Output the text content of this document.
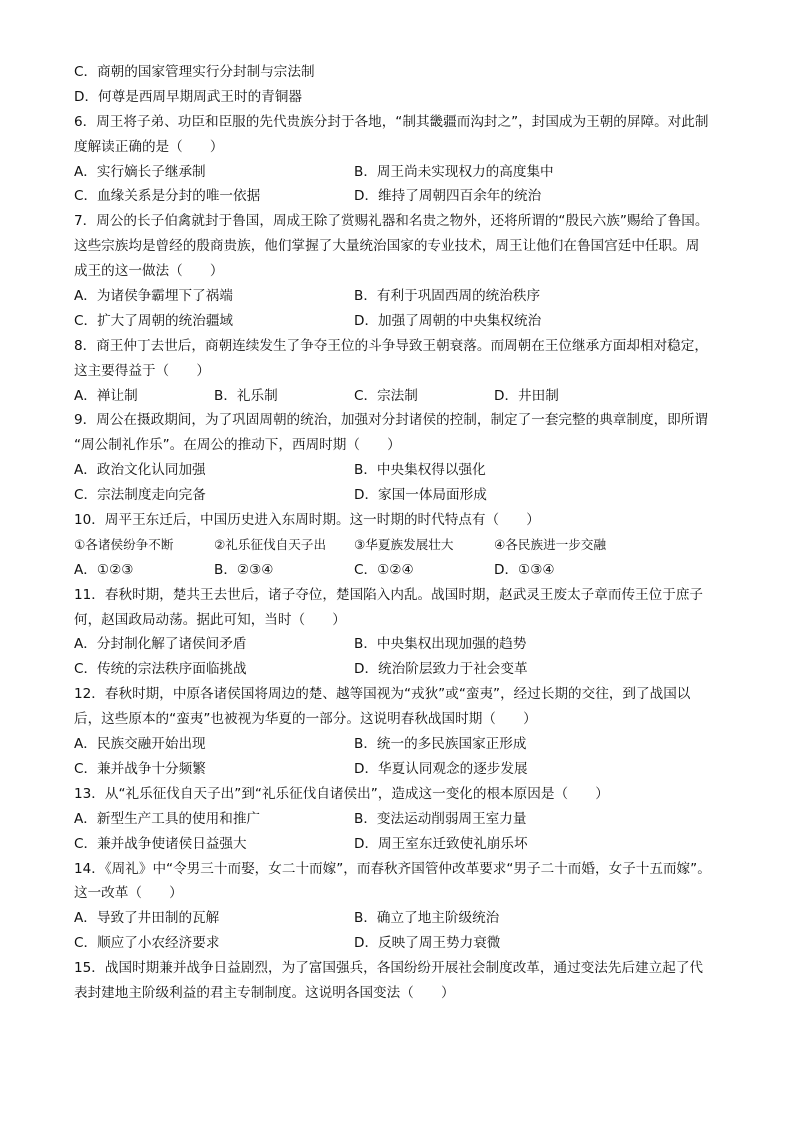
C．商朝的国家管理实行分封制与宗法制
D．何尊是西周早期周武王时的青铜器
6．周王将子弟、功臣和臣服的先代贵族分封于各地，“制其畿疆而沟封之”，封国成为王朝的屏障。对此制
度解读正确的是（　　）
A．实行嫡长子继承制	B．周王尚未实现权力的高度集中
C．血缘关系是分封的唯一依据	D．维持了周朝四百余年的统治
7．周公的长子伯禽就封于鲁国，周成王除了赏赐礼器和名贵之物外，还将所谓的“殷民六族”赐给了鲁国。
这些宗族均是曾经的殷商贵族，他们掌握了大量统治国家的专业技术，周王让他们在鲁国宫廷中任职。周
成王的这一做法（　　）
A．为诸侯争霸埋下了祸端	B．有利于巩固西周的统治秩序
C．扩大了周朝的统治疆域	D．加强了周朝的中央集权统治
8．商王仲丁去世后，商朝连续发生了争夺王位的斗争导致王朝衰落。而周朝在王位继承方面却相对稳定，
这主要得益于（　　）
A．禅让制	B．礼乐制	C．宗法制	D．井田制
9．周公在摄政期间，为了巩固周朝的统治，加强对分封诸侯的控制，制定了一套完整的典章制度，即所谓
“周公制礼作乐”。在周公的推动下，西周时期（　　）
A．政治文化认同加强	B．中央集权得以强化
C．宗法制度走向完备	D．家国一体局面形成
10．周平王东迁后，中国历史进入东周时期。这一时期的时代特点有（　　）
①各诸侯纷争不断	②礼乐征伐自天子出	③华夏族发展壮大	④各民族进一步交融
A．①②③	B．②③④	C．①②④	D．①③④
11．春秋时期，楚共王去世后，诸子夺位，楚国陷入内乱。战国时期，赵武灵王废太子章而传王位于庶子
何，赵国政局动荡。据此可知，当时（　　）
A．分封制化解了诸侯间矛盾	B．中央集权出现加强的趋势
C．传统的宗法秩序面临挑战	D．统治阶层致力于社会变革
12．春秋时期，中原各诸侯国将周边的楚、越等国视为“戎狄”或“蛮夷”，经过长期的交往，到了战国以
后，这些原本的“蛮夷”也被视为华夏的一部分。这说明春秋战国时期（　　）
A．民族交融开始出现	B．统一的多民族国家正形成
C．兼并战争十分频繁	D．华夏认同观念的逐步发展
13．从“礼乐征伐自天子出”到“礼乐征伐自诸侯出”，造成这一变化的根本原因是（　　）
A．新型生产工具的使用和推广	B．变法运动削弱周王室力量
C．兼并战争使诸侯日益强大	D．周王室东迁致使礼崩乐坏
14．《周礼》中“令男三十而娶，女二十而嫁”，而春秋齐国管仲改革要求“男子二十而婚，女子十五而嫁”。
这一改革（　　）
A．导致了井田制的瓦解	B．确立了地主阶级统治
C．顺应了小农经济要求	D．反映了周王势力衰微
15．战国时期兼并战争日益剧烈，为了富国强兵，各国纷纷开展社会制度改革，通过变法先后建立起了代
表封建地主阶级利益的君主专制制度。这说明各国变法（　　）
